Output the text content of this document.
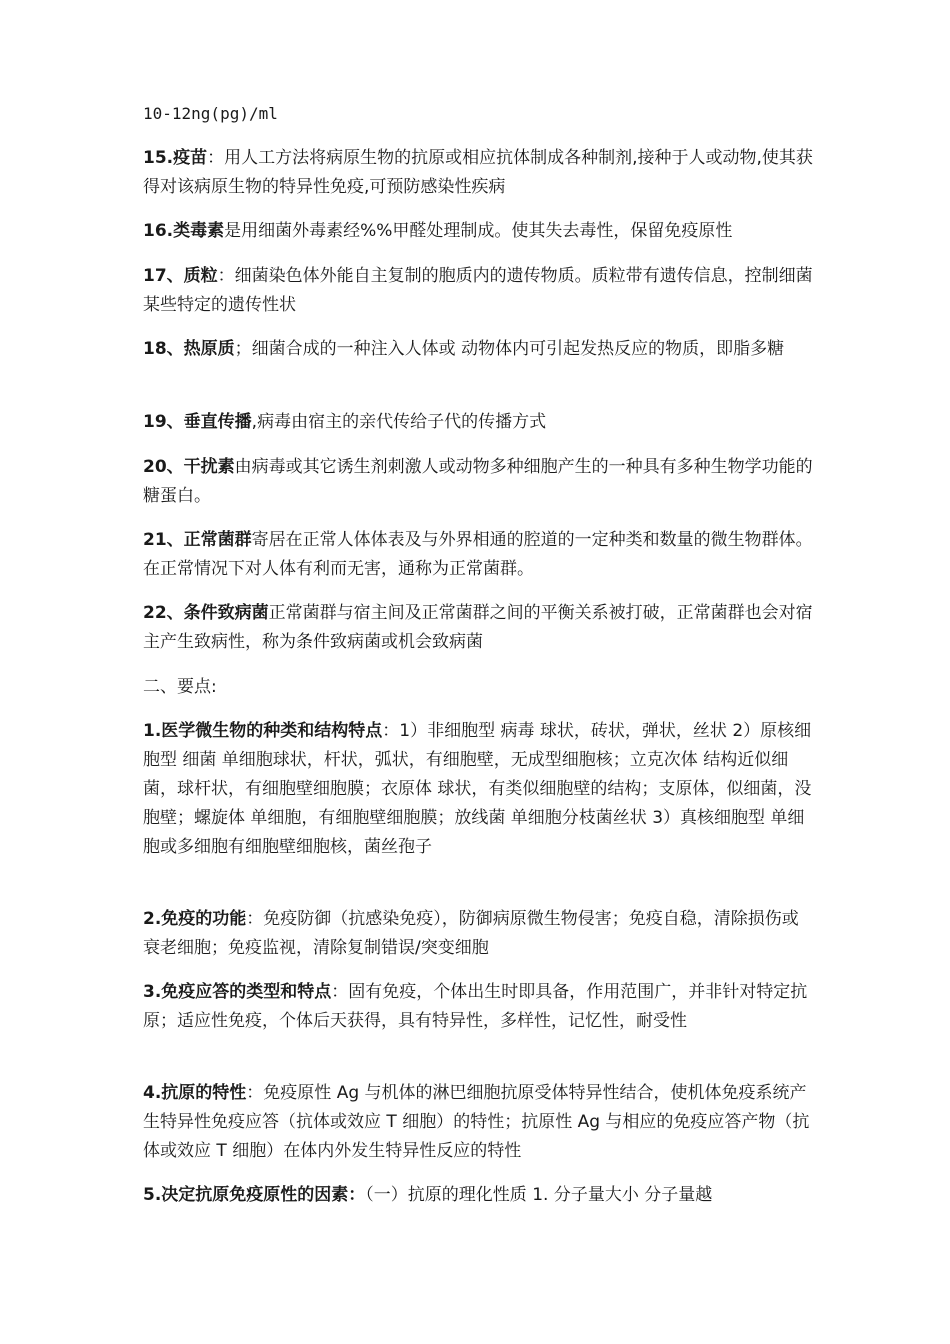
10-12ng(pg)/ml

15.疫苗：用人工方法将病原生物的抗原或相应抗体制成各种制剂,接种于人或动物,使其获得对该病原生物的特异性免疫,可预防感染性疾病

16.类毒素是用细菌外毒素经%%甲醛处理制成。使其失去毒性，保留免疫原性

17、质粒：细菌染色体外能自主复制的胞质内的遗传物质。质粒带有遗传信息，控制细菌某些特定的遗传性状

18、热原质；细菌合成的一种注入人体或 动物体内可引起发热反应的物质，即脂多糖

19、垂直传播,病毒由宿主的亲代传给子代的传播方式

20、干扰素由病毒或其它诱生剂刺激人或动物多种细胞产生的一种具有多种生物学功能的糖蛋白。

21、正常菌群寄居在正常人体体表及与外界相通的腔道的一定种类和数量的微生物群体。在正常情况下对人体有利而无害，通称为正常菌群。

22、条件致病菌正常菌群与宿主间及正常菌群之间的平衡关系被打破，正常菌群也会对宿主产生致病性，称为条件致病菌或机会致病菌

二、要点:

1.医学微生物的种类和结构特点：1）非细胞型 病毒 球状，砖状，弹状，丝状 2）原核细胞型 细菌 单细胞球状，杆状，弧状，有细胞壁，无成型细胞核；立克次体 结构近似细菌，球杆状，有细胞壁细胞膜；衣原体 球状，有类似细胞壁的结构；支原体，似细菌，没胞壁；螺旋体 单细胞，有细胞壁细胞膜；放线菌 单细胞分枝菌丝状 3）真核细胞型 单细胞或多细胞有细胞壁细胞核，菌丝孢子

2.免疫的功能：免疫防御（抗感染免疫），防御病原微生物侵害；免疫自稳，清除损伤或衰老细胞；免疫监视，清除复制错误/突变细胞

3.免疫应答的类型和特点：固有免疫，个体出生时即具备，作用范围广，并非针对特定抗原；适应性免疫，个体后天获得，具有特异性，多样性，记忆性，耐受性

4.抗原的特性：免疫原性 Ag 与机体的淋巴细胞抗原受体特异性结合，使机体免疫系统产生特异性免疫应答（抗体或效应 T 细胞）的特性；抗原性 Ag 与相应的免疫应答产物（抗体或效应 T 细胞）在体内外发生特异性反应的特性

5.决定抗原免疫原性的因素：（一）抗原的理化性质 1. 分子量大小 分子量越
